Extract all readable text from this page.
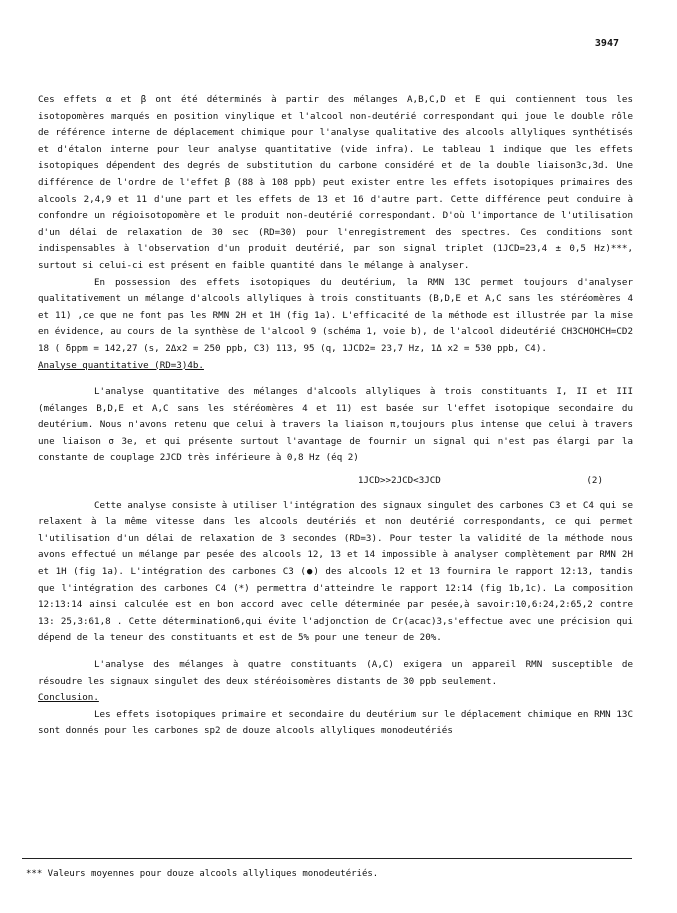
3947

Ces effets α et β ont été déterminés à partir des mélanges A,B,C,D et E qui contiennent tous les isotopomères marqués en position vinylique et l'alcool non-deutérié correspondant qui joue le double rôle de référence interne de déplacement chimique pour l'analyse qualitative des alcools allyliques synthétisés et d'étalon interne pour leur analyse quantitative (vide infra). Le tableau 1 indique que les effets isotopiques dépendent des degrés de substitution du carbone considéré et de la double liaison3c,3d. Une différence de l'ordre de l'effet β (88 à 108 ppb) peut exister entre les effets isotopiques primaires des alcools 2,4,9 et 11 d'une part et les effets de 13 et 16 d'autre part. Cette différence peut conduire à confondre un régioisotopomère et le produit non-deutérié correspondant. D'où l'importance de l'utilisation d'un délai de relaxation de 30 sec (RD=30) pour l'enregistrement des spectres. Ces conditions sont indispensables à l'observation d'un produit deutérié, par son signal triplet (1JCD=23,4 ± 0,5 Hz)***, surtout si celui-ci est présent en faible quantité dans le mélange à analyser.

En possession des effets isotopiques du deutérium, la RMN 13C permet toujours d'analyser qualitativement un mélange d'alcools allyliques à trois constituants (B,D,E et A,C sans les stéréomères 4 et 11) ,ce que ne font pas les RMN 2H et 1H (fig 1a). L'efficacité de la méthode est illustrée par la mise en évidence, au cours de la synthèse de l'alcool 9 (schéma 1, voie b), de l'alcool dideutérié CH3CHOHCH=CD2 18 ( δppm = 142,27 (s, 2Δx2 = 250 ppb, C3) 113, 95 (q, 1JCD2= 23,7 Hz, 1Δ x2 = 530 ppb, C4).

Analyse quantitative (RD=3)4b.

L'analyse quantitative des mélanges d'alcools allyliques à trois constituants I, II et III (mélanges B,D,E et A,C sans les stéréomères 4 et 11) est basée sur l'effet isotopique secondaire du deutérium. Nous n'avons retenu que celui à travers la liaison π,toujours plus intense que celui à travers une liaison σ 3e, et qui présente surtout l'avantage de fournir un signal qui n'est pas élargi par la constante de couplage 2JCD très inférieure à 0,8 Hz (éq 2)

1JCD>>2JCD<3JCD	(2)

Cette analyse consiste à utiliser l'intégration des signaux singulet des carbones C3 et C4 qui se relaxent à la même vitesse dans les alcools deutériés et non deutérié correspondants, ce qui permet l'utilisation d'un délai de relaxation de 3 secondes (RD=3). Pour tester la validité de la méthode nous avons effectué un mélange par pesée des alcools 12, 13 et 14 impossible à analyser complètement par RMN 2H et 1H (fig 1a). L'intégration des carbones C3 (●) des alcools 12 et 13 fournira le rapport 12:13, tandis que l'intégration des carbones C4 (*) permettra d'atteindre le rapport 12:14 (fig 1b,1c). La composition 12:13:14 ainsi calculée est en bon accord avec celle déterminée par pesée,à savoir:10,6:24,2:65,2 contre 13: 25,3:61,8 . Cette détermination6,qui évite l'adjonction de Cr(acac)3,s'effectue avec une précision qui dépend de la teneur des constituants et est de 5% pour une teneur de 20%.

L'analyse des mélanges à quatre constituants (A,C) exigera un appareil RMN susceptible de résoudre les signaux singulet des deux stéréoisomères distants de 30 ppb seulement.

Conclusion.

Les effets isotopiques primaire et secondaire du deutérium sur le déplacement chimique en RMN 13C sont donnés pour les carbones sp2 de douze alcools allyliques monodeutériés

*** Valeurs moyennes pour douze alcools allyliques monodeutériés.
